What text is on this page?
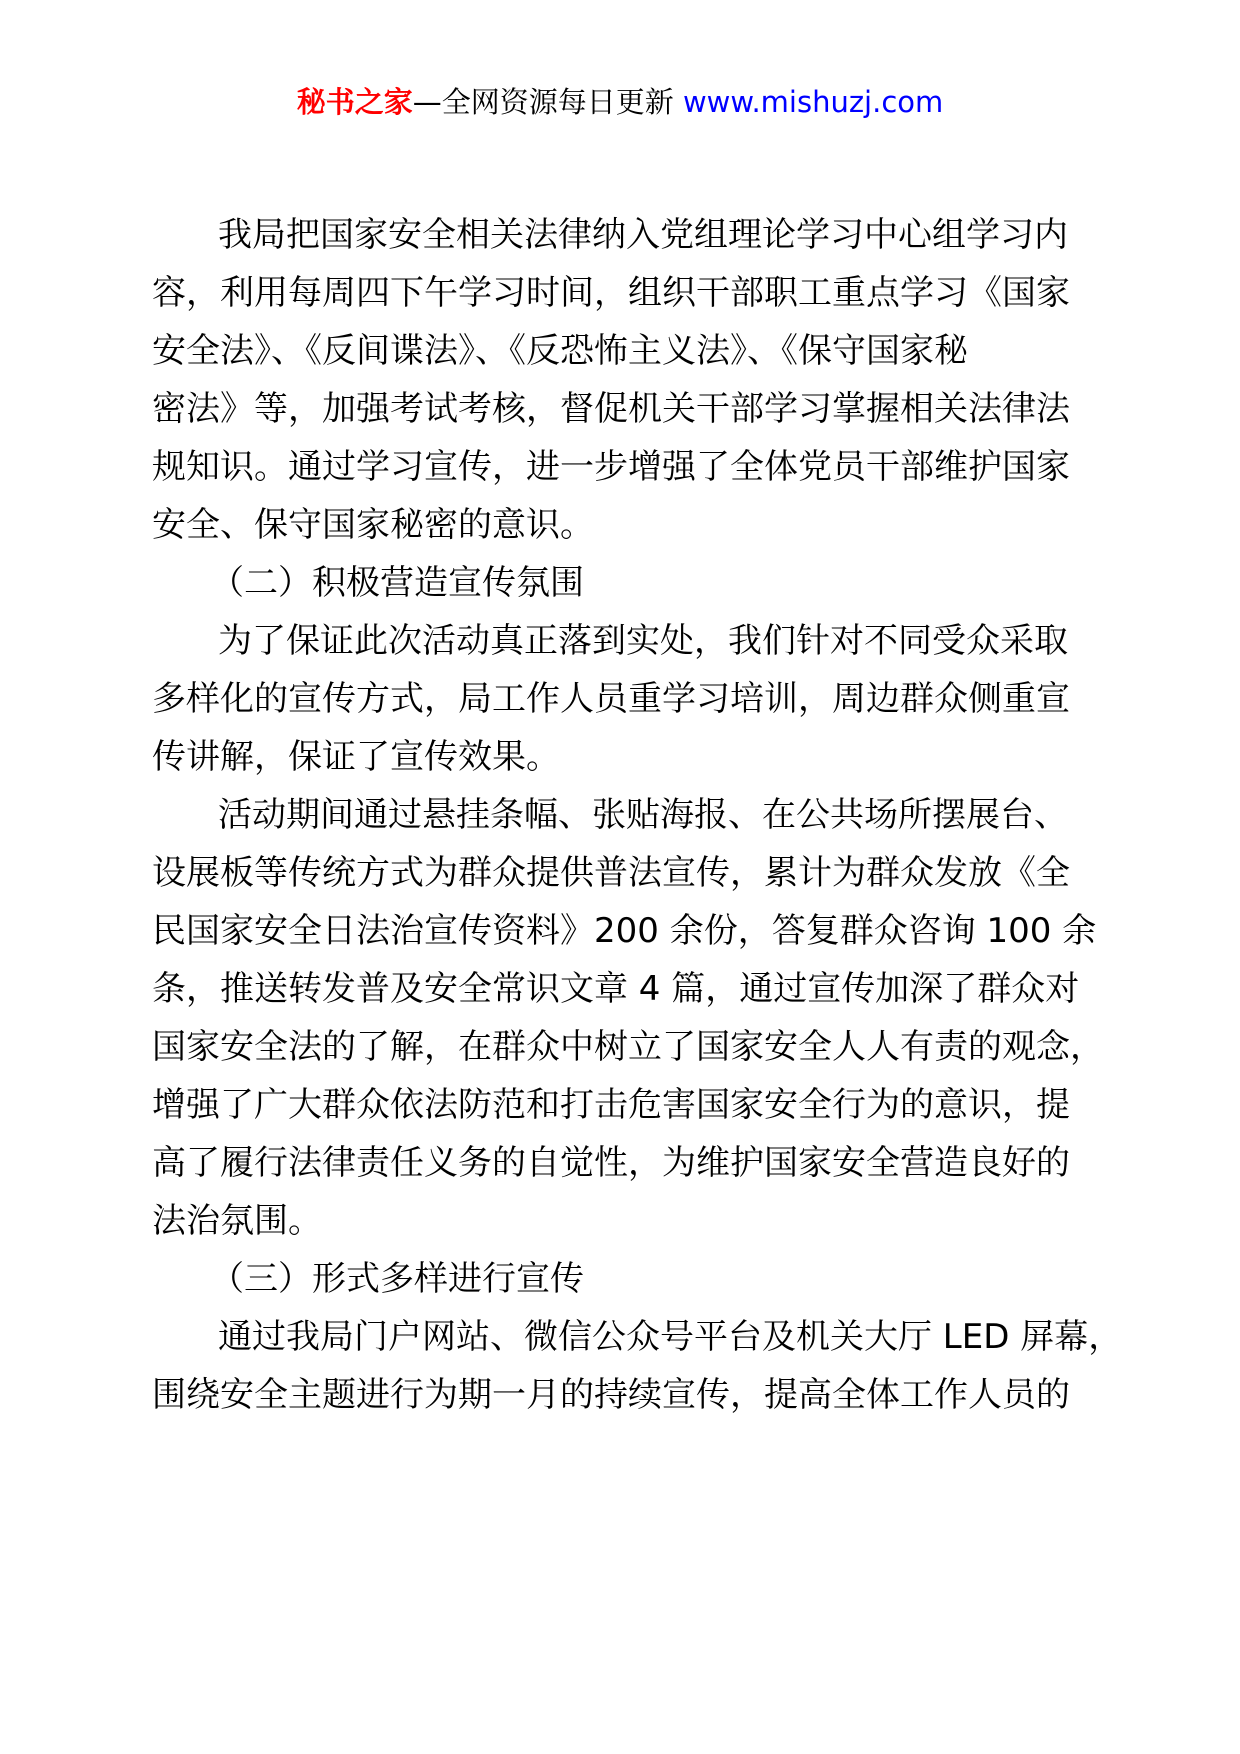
秘书之家—全网资源每日更新 www.mishuzj.com
我局把国家安全相关法律纳入党组理论学习中心组学习内
容，利用每周四下午学习时间，组织干部职工重点学习《国家
安全法》、《反间谍法》、《反恐怖主义法》、《保守国家秘
密法》等，加强考试考核，督促机关干部学习掌握相关法律法
规知识。通过学习宣传，进一步增强了全体党员干部维护国家
安全、保守国家秘密的意识。
（二）积极营造宣传氛围
为了保证此次活动真正落到实处，我们针对不同受众采取
多样化的宣传方式，局工作人员重学习培训，周边群众侧重宣
传讲解，保证了宣传效果。
活动期间通过悬挂条幅、张贴海报、在公共场所摆展台、
设展板等传统方式为群众提供普法宣传，累计为群众发放《全
民国家安全日法治宣传资料》200 余份，答复群众咨询 100 余
条，推送转发普及安全常识文章 4 篇，通过宣传加深了群众对
国家安全法的了解，在群众中树立了国家安全人人有责的观念，
增强了广大群众依法防范和打击危害国家安全行为的意识，提
高了履行法律责任义务的自觉性，为维护国家安全营造良好的
法治氛围。
（三）形式多样进行宣传
通过我局门户网站、微信公众号平台及机关大厅 LED 屏幕，
围绕安全主题进行为期一月的持续宣传，提高全体工作人员的
